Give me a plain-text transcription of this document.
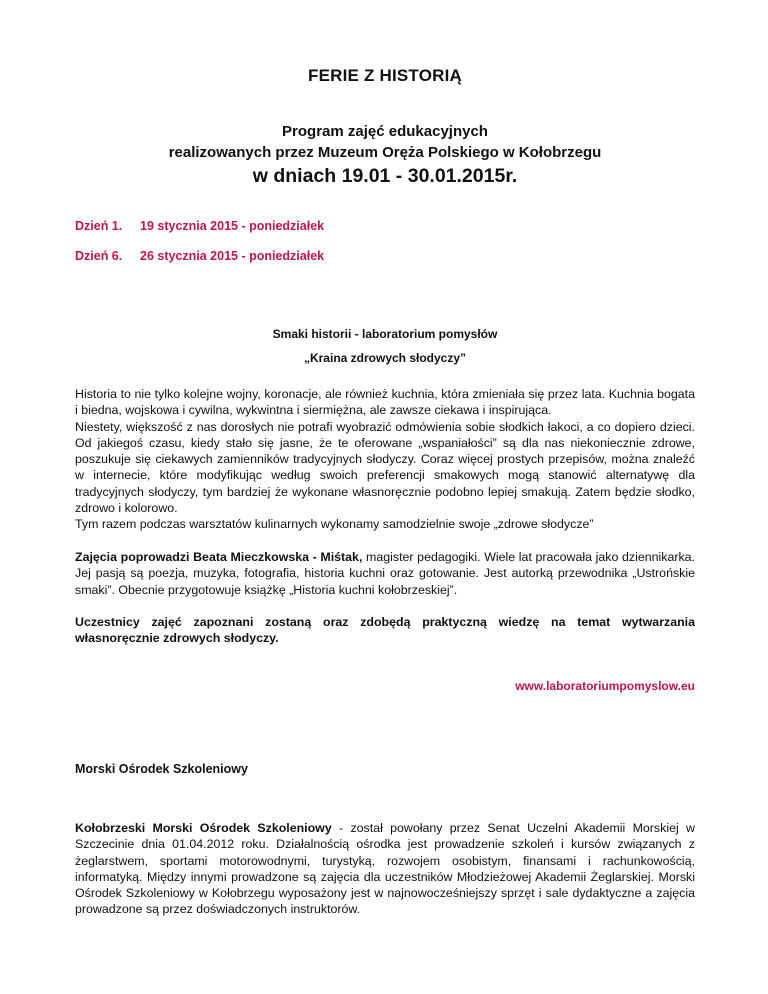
FERIE Z HISTORIĄ
Program zajęć edukacyjnych
realizowanych przez Muzeum Oręża Polskiego w Kołobrzegu
w dniach 19.01 - 30.01.2015r.
Dzień 1. 19 stycznia 2015 - poniedziałek
Dzień 6. 26 stycznia 2015 - poniedziałek
Smaki historii - laboratorium pomysłów
„Kraina zdrowych słodyczy”

Historia to nie tylko kolejne wojny, koronacje, ale również kuchnia, która zmieniała się przez lata. Kuchnia bogata i biedna, wojskowa i cywilna, wykwintna i siermiężna, ale zawsze ciekawa i inspirująca.
Niestety, większość z nas dorosłych nie potrafi wyobrazić odmówienia sobie słodkich łakoci, a co dopiero dzieci. Od jakiegoś czasu, kiedy stało się jasne, że te oferowane „wspaniałości” są dla nas niekoniecznie zdrowe, poszukuje się ciekawych zamienników tradycyjnych słodyczy. Coraz więcej prostych przepisów, można znaleźć w internecie, które modyfikując według swoich preferencji smakowych mogą stanowić alternatywę dla tradycyjnych słodyczy, tym bardziej że wykonane własnoręcznie podobno lepiej smakują. Zatem będzie słodko, zdrowo i kolorowo.
Tym razem podczas warsztatów kulinarnych wykonamy samodzielnie swoje „zdrowe słodycze”

Zajęcia poprowadzi Beata Mieczkowska - Miśtak, magister pedagogiki. Wiele lat pracowała jako dziennikarka. Jej pasją są poezja, muzyka, fotografia, historia kuchni oraz gotowanie. Jest autorką przewodnika „Ustrońskie smaki”. Obecnie przygotowuje książkę „Historia kuchni kołobrzeskiej”.

Uczestnicy zajęć zapoznani zostaną oraz zdobędą praktyczną wiedzę na temat wytwarzania własnoręcznie zdrowych słodyczy.

www.laboratoriumpomyslow.eu
Morski Ośrodek Szkoleniowy

Kołobrzeski Morski Ośrodek Szkoleniowy - został powołany przez Senat Uczelni Akademii Morskiej w Szczecinie dnia 01.04.2012 roku. Działalnością ośrodka jest prowadzenie szkoleń i kursów związanych z żeglarstwem, sportami motorowodnymi, turystyką, rozwojem osobistym, finansami i rachunkowością, informatyką. Między innymi prowadzone są zajęcia dla uczestników Młodzieżowej Akademii Żeglarskiej. Morski Ośrodek Szkoleniowy w Kołobrzegu wyposażony jest w najnowocześniejszy sprzęt i sale dydaktyczne a zajęcia prowadzone są przez doświadczonych instruktorów.
